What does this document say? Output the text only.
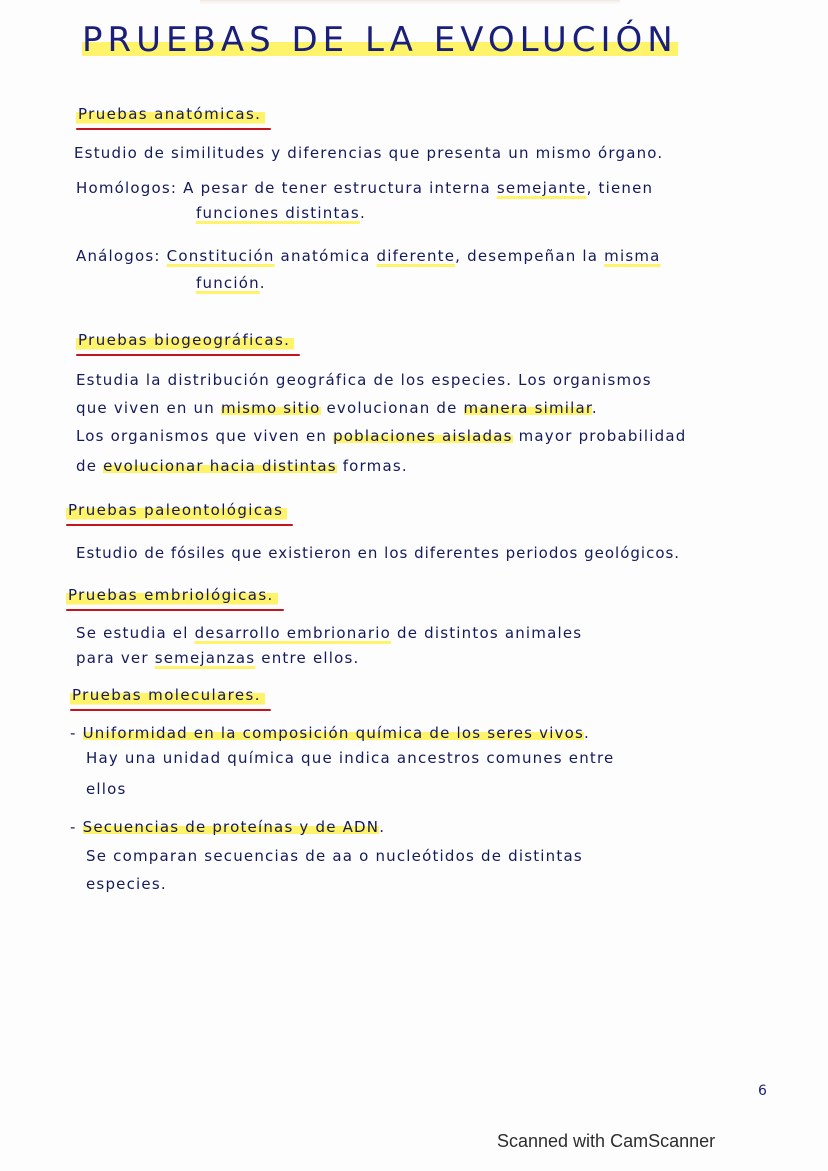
PRUEBAS DE LA EVOLUCIÓN
Pruebas anatómicas.
Estudio de similitudes y diferencias que presenta un mismo órgano.
Homólogos: A pesar de tener estructura interna semejante, tienen
funciones distintas.
Análogos: Constitución anatómica diferente, desempeñan la misma
función.
Pruebas biogeográficas.
Estudia la distribución geográfica de los especies. Los organismos
que viven en un mismo sitio evolucionan de manera similar.
Los organismos que viven en poblaciones aisladas mayor probabilidad
de evolucionar hacia distintas formas.
Pruebas paleontológicas
Estudio de fósiles que existieron en los diferentes periodos geológicos.
Pruebas embriológicas.
Se estudia el desarrollo embrionario de distintos animales
para ver semejanzas entre ellos.
Pruebas moleculares.
- Uniformidad en la composición química de los seres vivos.
Hay una unidad química que indica ancestros comunes entre
ellos
- Secuencias de proteínas y de ADN.
Se comparan secuencias de aa o nucleótidos de distintas
especies.
6
Scanned with CamScanner
